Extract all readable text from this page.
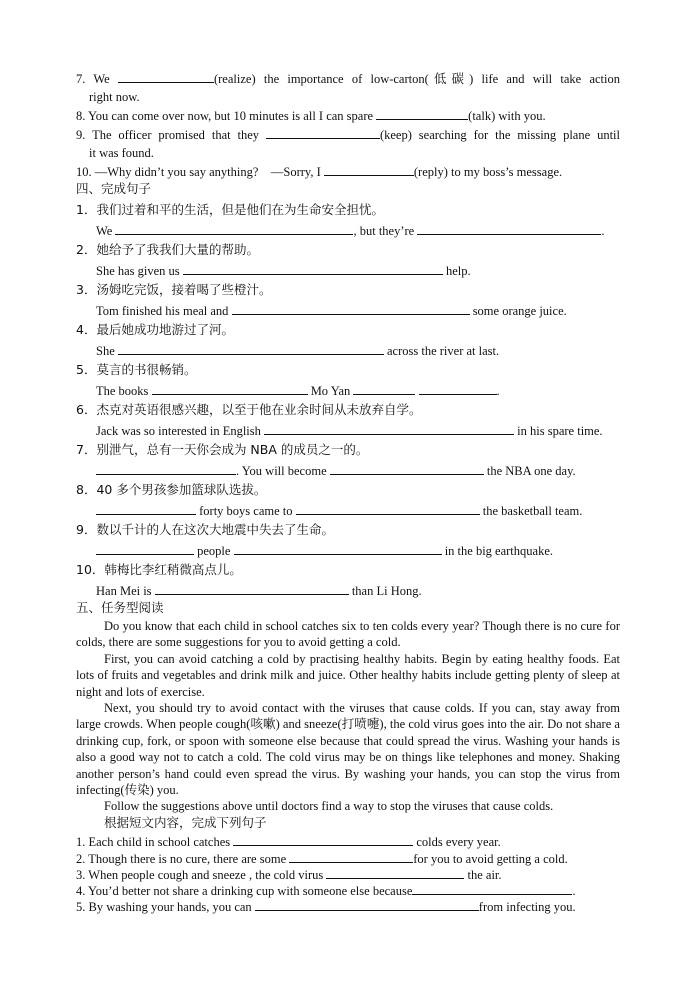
7. We	(realize) the importance of low-carton(低碳) life and will take action
right now.
8. You can come over now, but 10 minutes is all I can spare	(talk) with you.
9. The officer promised that they	(keep) searching for the missing plane until
it was found.
10. —Why didn’t you say anything?    —Sorry, I	(reply) to my boss’s message.
四、完成句子
1．我们过着和平的生活，但是他们在为生命安全担忧。
We	, but they’re	.
2．她给予了我我们大量的帮助。
She has given us	help.
3．汤姆吃完饭，接着喝了些橙汁。
Tom finished his meal and	some orange juice.
4．最后她成功地游过了河。
She	across the river at last.
5．莫言的书很畅销。
The books	Mo Yan	.
6．杰克对英语很感兴趣，以至于他在业余时间从未放弃自学。
Jack was so interested in English	in his spare time.
7．别泄气，总有一天你会成为 NBA 的成员之一的。
. You will become	the NBA one day.
8．40 多个男孩参加篮球队选拔。
forty boys came to	the basketball team.
9．数以千计的人在这次大地震中失去了生命。
people	in the big earthquake.
10．韩梅比李红稍微高点儿。
Han Mei is	than Li Hong.
五、任务型阅读

Do you know that each child in school catches six to ten colds every year? Though there is no cure for colds, there are some suggestions for you to avoid getting a cold.

First, you can avoid catching a cold by practising healthy habits. Begin by eating healthy foods. Eat lots of fruits and vegetables and drink milk and juice. Other healthy habits include getting plenty of sleep at night and lots of exercise.

Next, you should try to avoid contact with the viruses that cause colds. If you can, stay away from large crowds. When people cough(咳嗽) and sneeze(打喷嚏), the cold virus goes into the air. Do not share a drinking cup, fork, or spoon with someone else because that could spread the virus. Washing your hands is also a good way not to catch a cold. The cold virus may be on things like telephones and money. Shaking another person’s hand could even spread the virus. By washing your hands, you can stop the virus from infecting(传染) you.

Follow the suggestions above until doctors find a way to stop the viruses that cause colds.

根据短文内容，完成下列句子
1. Each child in school catches	colds every year.
2. Though there is no cure, there are some	for you to avoid getting a cold.
3. When people cough and sneeze , the cold virus	the air.
4. You’d better not share a drinking cup with someone else because	.
5. By washing your hands, you can	from infecting you.
